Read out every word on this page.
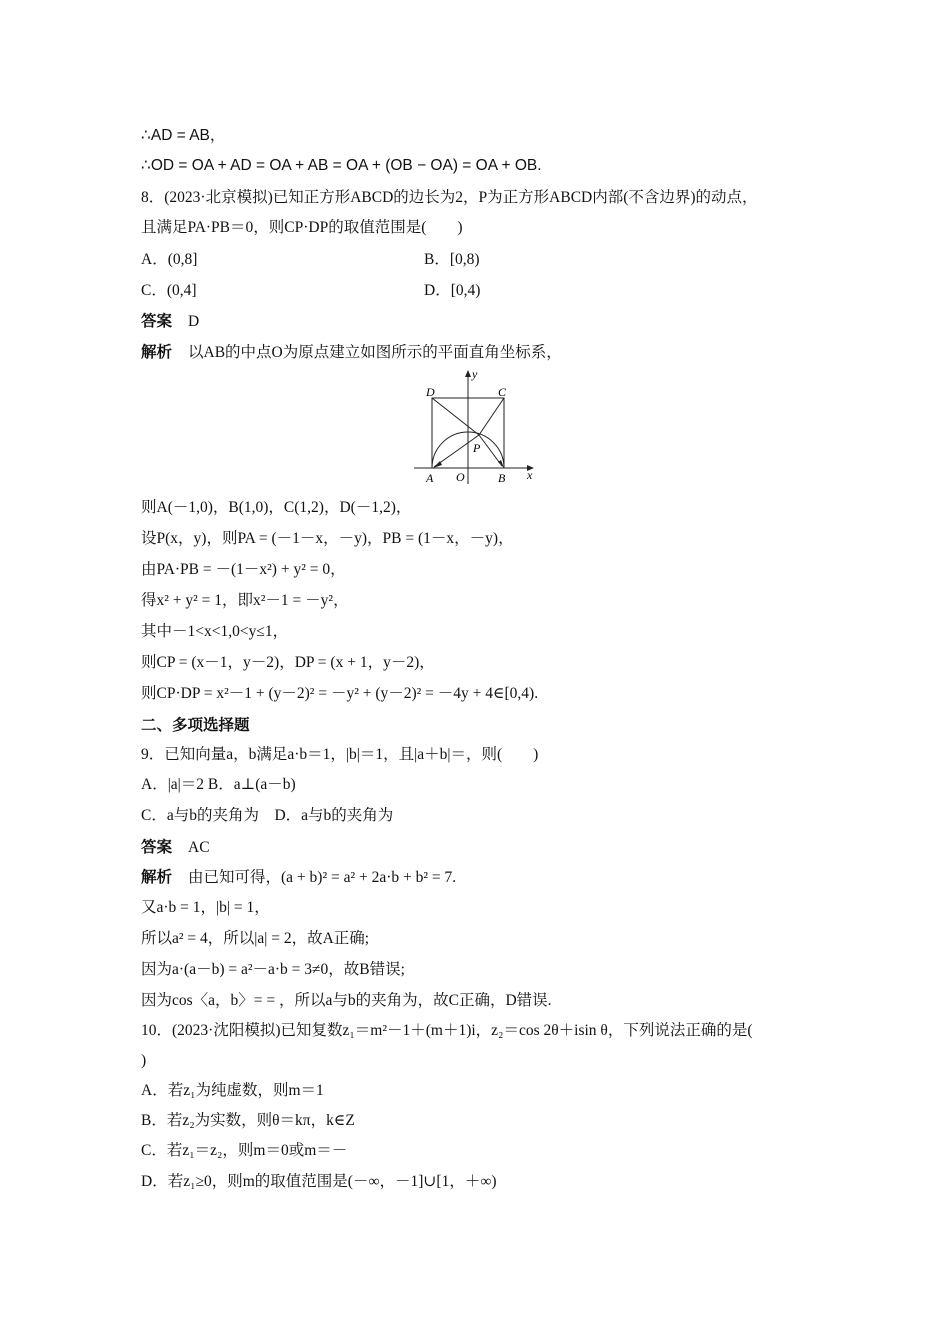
∴AD = AB，
∴OD = OA + AD = OA + AB = OA + (OB − OA) = OA + OB.
8．(2023·北京模拟)已知正方形ABCD的边长为2，P为正方形ABCD内部(不含边界)的动点，
且满足PA·PB＝0，则CP·DP的取值范围是(　　)
A．(0,8]	B．[0,8)
C．(0,4]	D．[0,4)
答案 D
解析 以AB的中点O为原点建立如图所示的平面直角坐标系，
D	C
A	B
O
P
x
y
则A(－1,0)，B(1,0)，C(1,2)，D(－1,2)，
设P(x，y)，则PA = (－1－x，－y)，PB = (1－x，－y)，
由PA·PB = －(1－x²) + y² = 0，
得x² + y² = 1，即x²－1 = －y²，
其中－1<x<1,0<y≤1，
则CP = (x－1，y－2)，DP = (x + 1，y－2)，
则CP·DP = x²－1 + (y－2)² = －y² + (y－2)² = －4y + 4∈[0,4).
二、多项选择题
9．已知向量a，b满足a·b＝1，|b|＝1，且|a＋b|＝，则(　　)
A．|a|＝2 B．a⊥(a－b)
C．a与b的夹角为　D．a与b的夹角为
答案 AC
解析 由已知可得，(a + b)² = a² + 2a·b + b² = 7.
又a·b = 1，|b| = 1，
所以a² = 4，所以|a| = 2，故A正确;
因为a·(a－b) = a²－a·b = 3≠0，故B错误;
因为cos〈a，b〉= = ，所以a与b的夹角为，故C正确，D错误.
10．(2023·沈阳模拟)已知复数z₁＝m²－1＋(m＋1)i，z₂＝cos 2θ＋isin θ，下列说法正确的是(
)
A．若z₁为纯虚数，则m＝1
B．若z₂为实数，则θ＝kπ，k∈Z
C．若z₁＝z₂，则m＝0或m＝－
D．若z₁≥0，则m的取值范围是(－∞，－1]∪[1，＋∞)
